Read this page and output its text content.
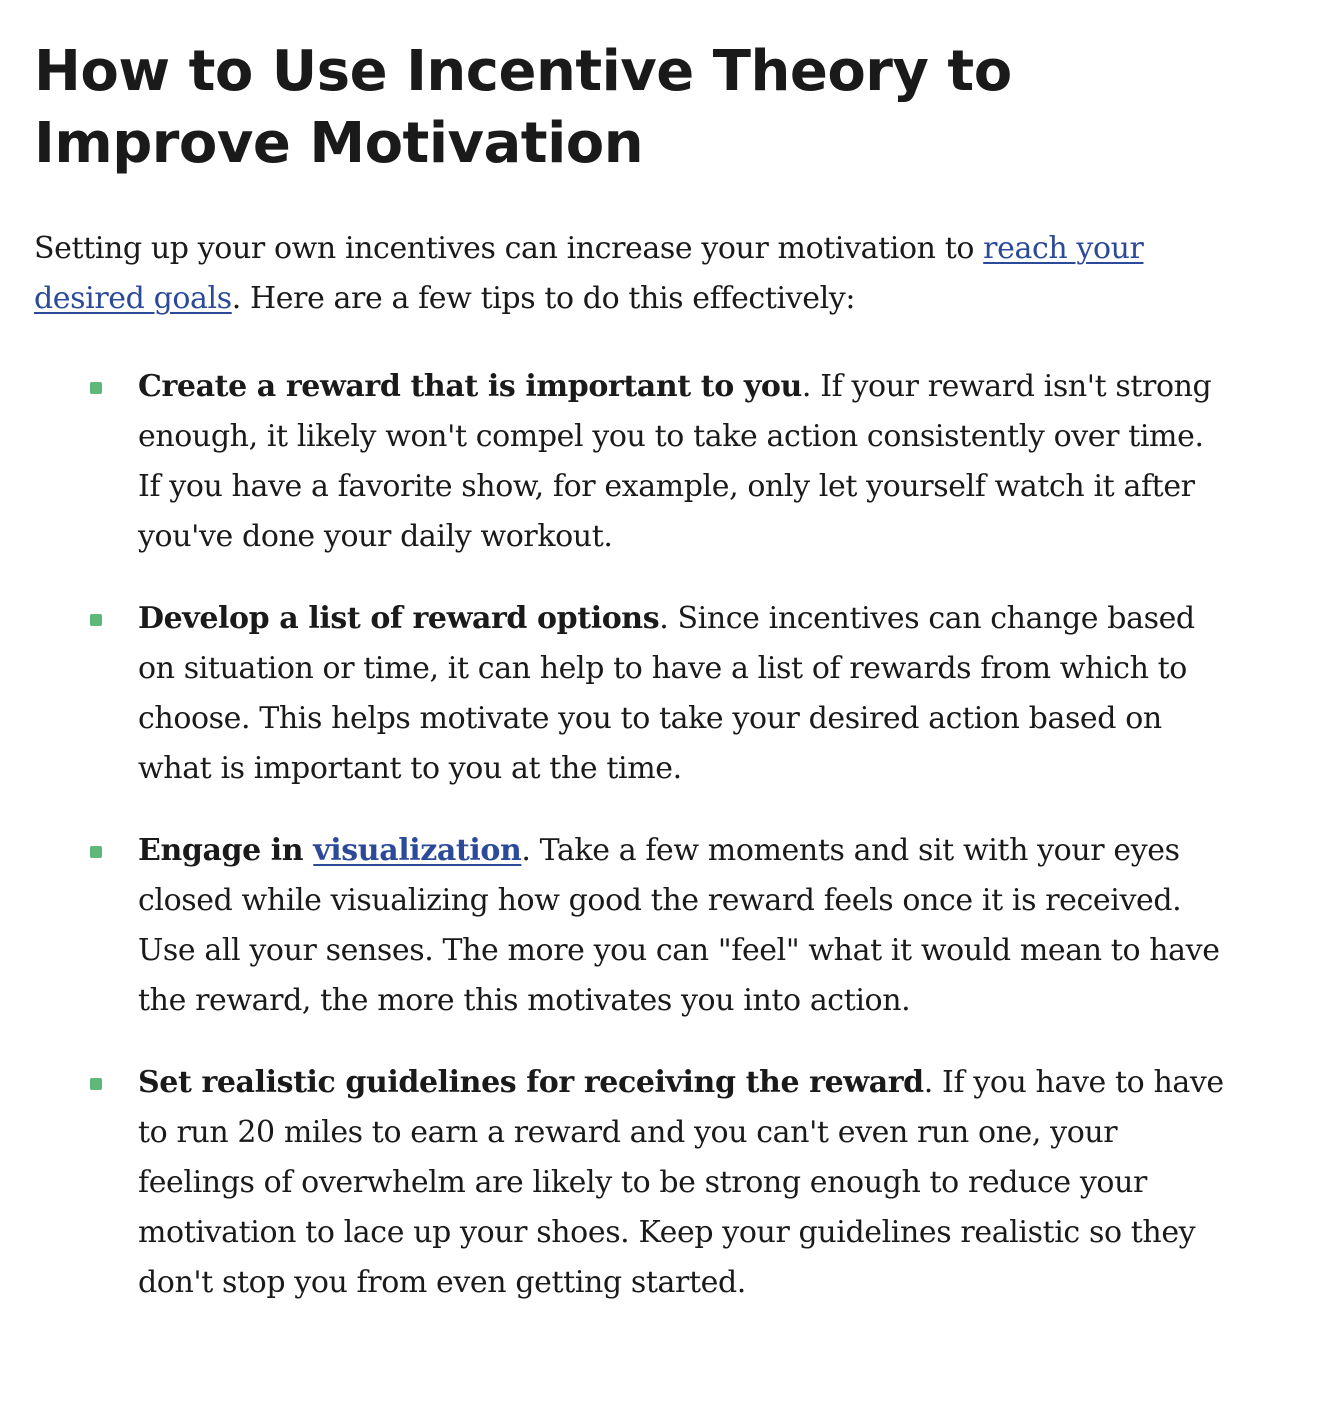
How to Use Incentive Theory to Improve Motivation

Setting up your own incentives can increase your motivation to reach your desired goals. Here are a few tips to do this effectively:

Create a reward that is important to you. If your reward isn't strong enough, it likely won't compel you to take action consistently over time. If you have a favorite show, for example, only let yourself watch it after you've done your daily workout.
Develop a list of reward options. Since incentives can change based on situation or time, it can help to have a list of rewards from which to choose. This helps motivate you to take your desired action based on what is important to you at the time.
Engage in visualization. Take a few moments and sit with your eyes closed while visualizing how good the reward feels once it is received. Use all your senses. The more you can "feel" what it would mean to have the reward, the more this motivates you into action.
Set realistic guidelines for receiving the reward. If you have to have to run 20 miles to earn a reward and you can't even run one, your feelings of overwhelm are likely to be strong enough to reduce your motivation to lace up your shoes. Keep your guidelines realistic so they don't stop you from even getting started.
